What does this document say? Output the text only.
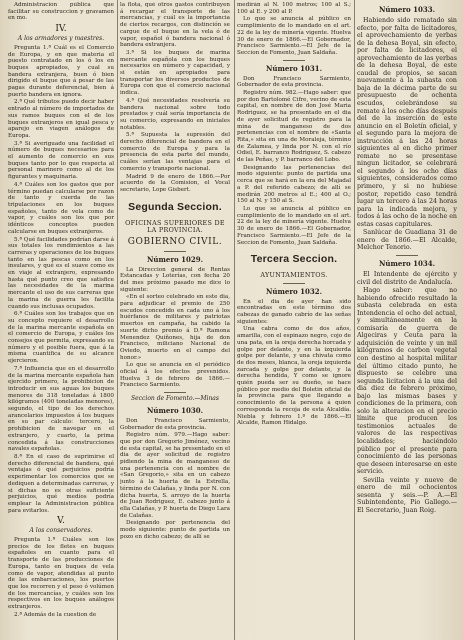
Administracion pública que facilitar su construccion y gravamen en mo.

IV.
A los armadores y maestres.

Pregunta 1.ª Cuál es el Comercio de Europa, y en que materia el puesto contratado en los ó los en buques apropiados, y cual su bandera extranjera, buen ó bien dirigido el buque que á pesar de las pagas durante deferencial, bien á puerto bandera en ignora.

2.ª Qué tributos puedo decir haber entrado al número de importados de sus ramos buques con el de los buques extranjeros en igual pesca y aparejo en viagen análogos de Europa.

3.ª Si averiguado una facilidad el número de buques necesarios para el aumento de comercio en sus buques tanto por lo que respecta al personal marinero como al de los figurantes y maquinaria.

4.ª Cuáles son los gastos que por término puedan calcularse por razon de tanto y cuerda de las tripulaciones en los buques españoles, tanto de vela como de vapor, y cuáles son los que por idénticos conceptos pueden calcularse en buques extranjeros.

5.ª Qué facilidades podrían darse á sus totales los rendimientos a las carreras y operaciones de los buques tanto en las pescas como en los insulares, y qué es el suave como es en viaje al extranjero, expresando hasta qué punto creo que satisfice las necesidades de la marina mercante el uso de sus carreras que la marina de guerra les facilita cuando sus inclusas ocupados.

6.ª Cuáles son los trabajos que en su concepto requiere el desarrollo de la marina mercante española en el comercio de Europa, y cuáles los consejos que permita, expresando su número y el posible fuera, que á la misma cuantifica de su alcance ejercieron.

7.ª Influencia que en el desarrollo de la marina mercante española han ejercido primero, la prohibicion de introducir en sus aguas los buques menores de 318 toneladas á 1800 kilógramos (400 toneladas menores), segundo, el tipo de los derechos arancelarios impuestos á los buques en su par cálculo: tercero, la prohibicion de navegar en el extranjero, y cuarto, la prima concedida á las construcciones navales españolas.

8.ª En el caso de suprimirse el derecho diferencial de bandera, qué ventajas ó qué perjuicios podría experimentar los comercios que se dediquen a determinadas carreras, y si dichas no es otras suficiente perjuicios, qué medios podría emplear la Administracion pública para evitarlos.

V.
A los conservadores.

Pregunta 1.ª Cuáles son los precios de los fletes en buques españoles en cuanto para el transporte de las producciones de Europa, tanto en buques de vela como de vapor, atendidas al punto de las embarcaciones, los puertos que los recorren y el peso ó volúmen de los mercancías, y cuáles son los respectivos en los buques análogos extranjeros.

2.ª Además de la cuestion de

la flota, qué otros gastos contribuyen á recargar el transporte de las mercancías, y cuál es la importancia de ciertos recargos, con distinción se cargue de el buque en la vela ó de vapor, español ó bandera nacional ó bandera extranjera.

3.ª Si los buques de marina mercante española con los buques necesarios en número y capacidad, y si están en apropiados para transportar los diversos productos de Europa con que el comercio nacional indica.

4.ª Qué necesidades resolvería su bandera nacional sobre todo prestados y cuál sería importancia de su comercio, expresando en iniciales notables.

5.ª Supuesta la supresión del derecho diferencial de bandera en el comercio de Europa y para la presencia de esta parte del mundo, cuáles serían las ventajas para el comercio y transporte nacional.

Madrid 9 de enero de 1866.—Por acuerdo de la Comision, el Vocal secretario, Lope Gisbert.

Segunda Seccion.
OFICINAS SUPERIORES DE LA PROVINCIA.
GOBIERNO CIVIL.
Número 1029.

La Direccion general de Rentas Estancadas y Loterías, con fecha 20 del mes próximo pasado me dice lo siguiente:

«En el sorteo celebrado en este dia, para adjudicar el premio de 250 escudos concedido en cada uno á los huérfanos de militares y patriotas muertos en campaña, ha cabido la suerte dicho premio á D.ª Ramona Menendez Quiñones, hija de don Francisco, miliciano Nacional de Oviedo, muerto en el campo del honor.»

Lo que se anuncia en el periódico oficial á los efectos prevenidos. Huelva 3 de febrero de 1866.—Francisco Sarmiento.

Seccion de Fomento.—Minas
Número 1030.

Don Francisco Sarmiento, Gobernador de esta provincia.

Registro núm. 979.—Hago saber: que por don Gregorio Jiménez, vecino de esta capital, se ha presentado en el dia de ayer solicitud de registro pidiendo la mina de manganeso de una pertenencia con el nombre de «San Gregorio,» sita en un cabezo junto á la huerta de la Estrella, término de Calañas, y linda por N. con dicha huerta, S. arroyo de la huerta de Juan Rodriguez, E. cabezo junto á ella Calañas, y P. huerta de Diego Lara de Calañas.

Designando por pertenencia del modo siguiente: punto de partida un pozo en dicho cabezo; de allí se

medirán al N. 100 metros; 100 al S.; 100 al E. y 200 al P.

Lo que se anuncia al público en cumplimiento de lo mandado en el art. 22 de la ley de minería vigente. Huelva 30 de enero de 1866.—El Gobernador, Francisco Sarmiento.—El Jefe de la Seccion de Fomento, Juan Saldaña.

Número 1031.

Don Francisco Sarmiento, Gobernador de esta provincia.

Registro núm. 982.—Hago saber: que por don Bartolomé Cifre, vecino de esta capital, en nombre de don José Maria Rodriguez, se ha presentado en el dia de ayer solicitud de registro para la mina de manganeso de dos pertenencias con el nombre de «Santa Rita,» sita en una de Moraleja, término de Zalamea, y linda por N. con el río Odiel, E. barranco Rodriguez, S. cabezo de las Peñas, y P. barranco del Lobo.

Designando las pertenencias del modo siguiente: punto de partida una cerca que se hará en la era del Majadal a P. del referido cabezo; de allí se medirán 200 metros al E.; 400 al O.; 150 al N. y 150 al S.

Lo que se anuncia al público en cumplimiento de lo mandado en el art. 22 de la ley de minería vigente. Huelva 30 de enero de 1866.—El Gobernador, Francisco Sarmiento.—El Jefe de la Seccion de Fomento, Juan Saldaña.

Tercera Seccion.
AYUNTAMIENTOS.
Número 1032.

En el dia de ayer han sido encontradas en este término dos cabezas de ganado cabrío de las señas siguientes:

Una cabra como de dos años, amarilla, con el espinazo negro, cojo de una pata, en la oreja derecha horcada y golpe por delante, y en la izquierda golpe por delante, y una chivata como de dos meses, blanca, la oreja izquierda zarcada y golpe por delante, y la derecha hendida, Y como se ignore quién pueda ser su dueño, se hace público por medio del Boletin oficial de la provincia para que llegando a conocimiento de la persona á quien corresponda la recoja de esta Alcaldía. Niebla y febrero 1.º de 1866.—El Alcalde, Ramon Hidalgo.

Número 1033.

Habiendo sido rematado sin efecto, por falta de licitadores, el aprovechamiento de yerbas de la dehesa Boyal, sin efecto, por falta de licitadores, el aprovechamiento de las yerbas de la dehesa Boyal, de este caudal de propios, se sacan nuevamente á la subasta con baja de la décima parte de su presupuesto de ochenta escudos, celebrándose su remate á los ocho días después del de la inserción de este anuncio en el Boletín oficial, y el segundo para la mejora de instrucción á las 24 horas siguientes al en dicho primer remate no se presentase ningun licitador, se celebrará el segundo á los ocho días siguientes, considerados como primero, y si no hubiese postor, repetido caso tendrá lugar un tercero á las 24 horas para la indicada mejora, y todos á las ocho de la noche en estas casas capitulares.

Sanlúcar de Guadiana 31 de enero de 1866.—El Alcalde, Melchor Tenorio.

Número 1034.

El Intendente de ejército y civil del distrito de Andalucía.

Hago saber: que no habiendo ofrecido resultado la subasta celebrada en esta Intendencia el ocho del actual, y simultáneamente en la comisaría de guerra de Algeciras y Ceuta para la adquisición de veinte y un mil kilógramos de carbon vegetal con destino al hospital militar del último citado punto, he dispuesto se celebre una segunda licitacion á la una del dia diez de febrero próximo, bajo las mismas bases y condiciones de la primera, con solo la alteracion en el precio límite que producen los testimonios actuales de valores de las respectivas localidades; haciéndolo público por el presente para conocimiento de las personas que deseen interesarse en este servicio.

Sevilla veinte y nueve de enero de mil ochocientos sesenta y seis.—P. A.—El Subintendente, Pio Gallego.—El Secretario, Juan Roig.
